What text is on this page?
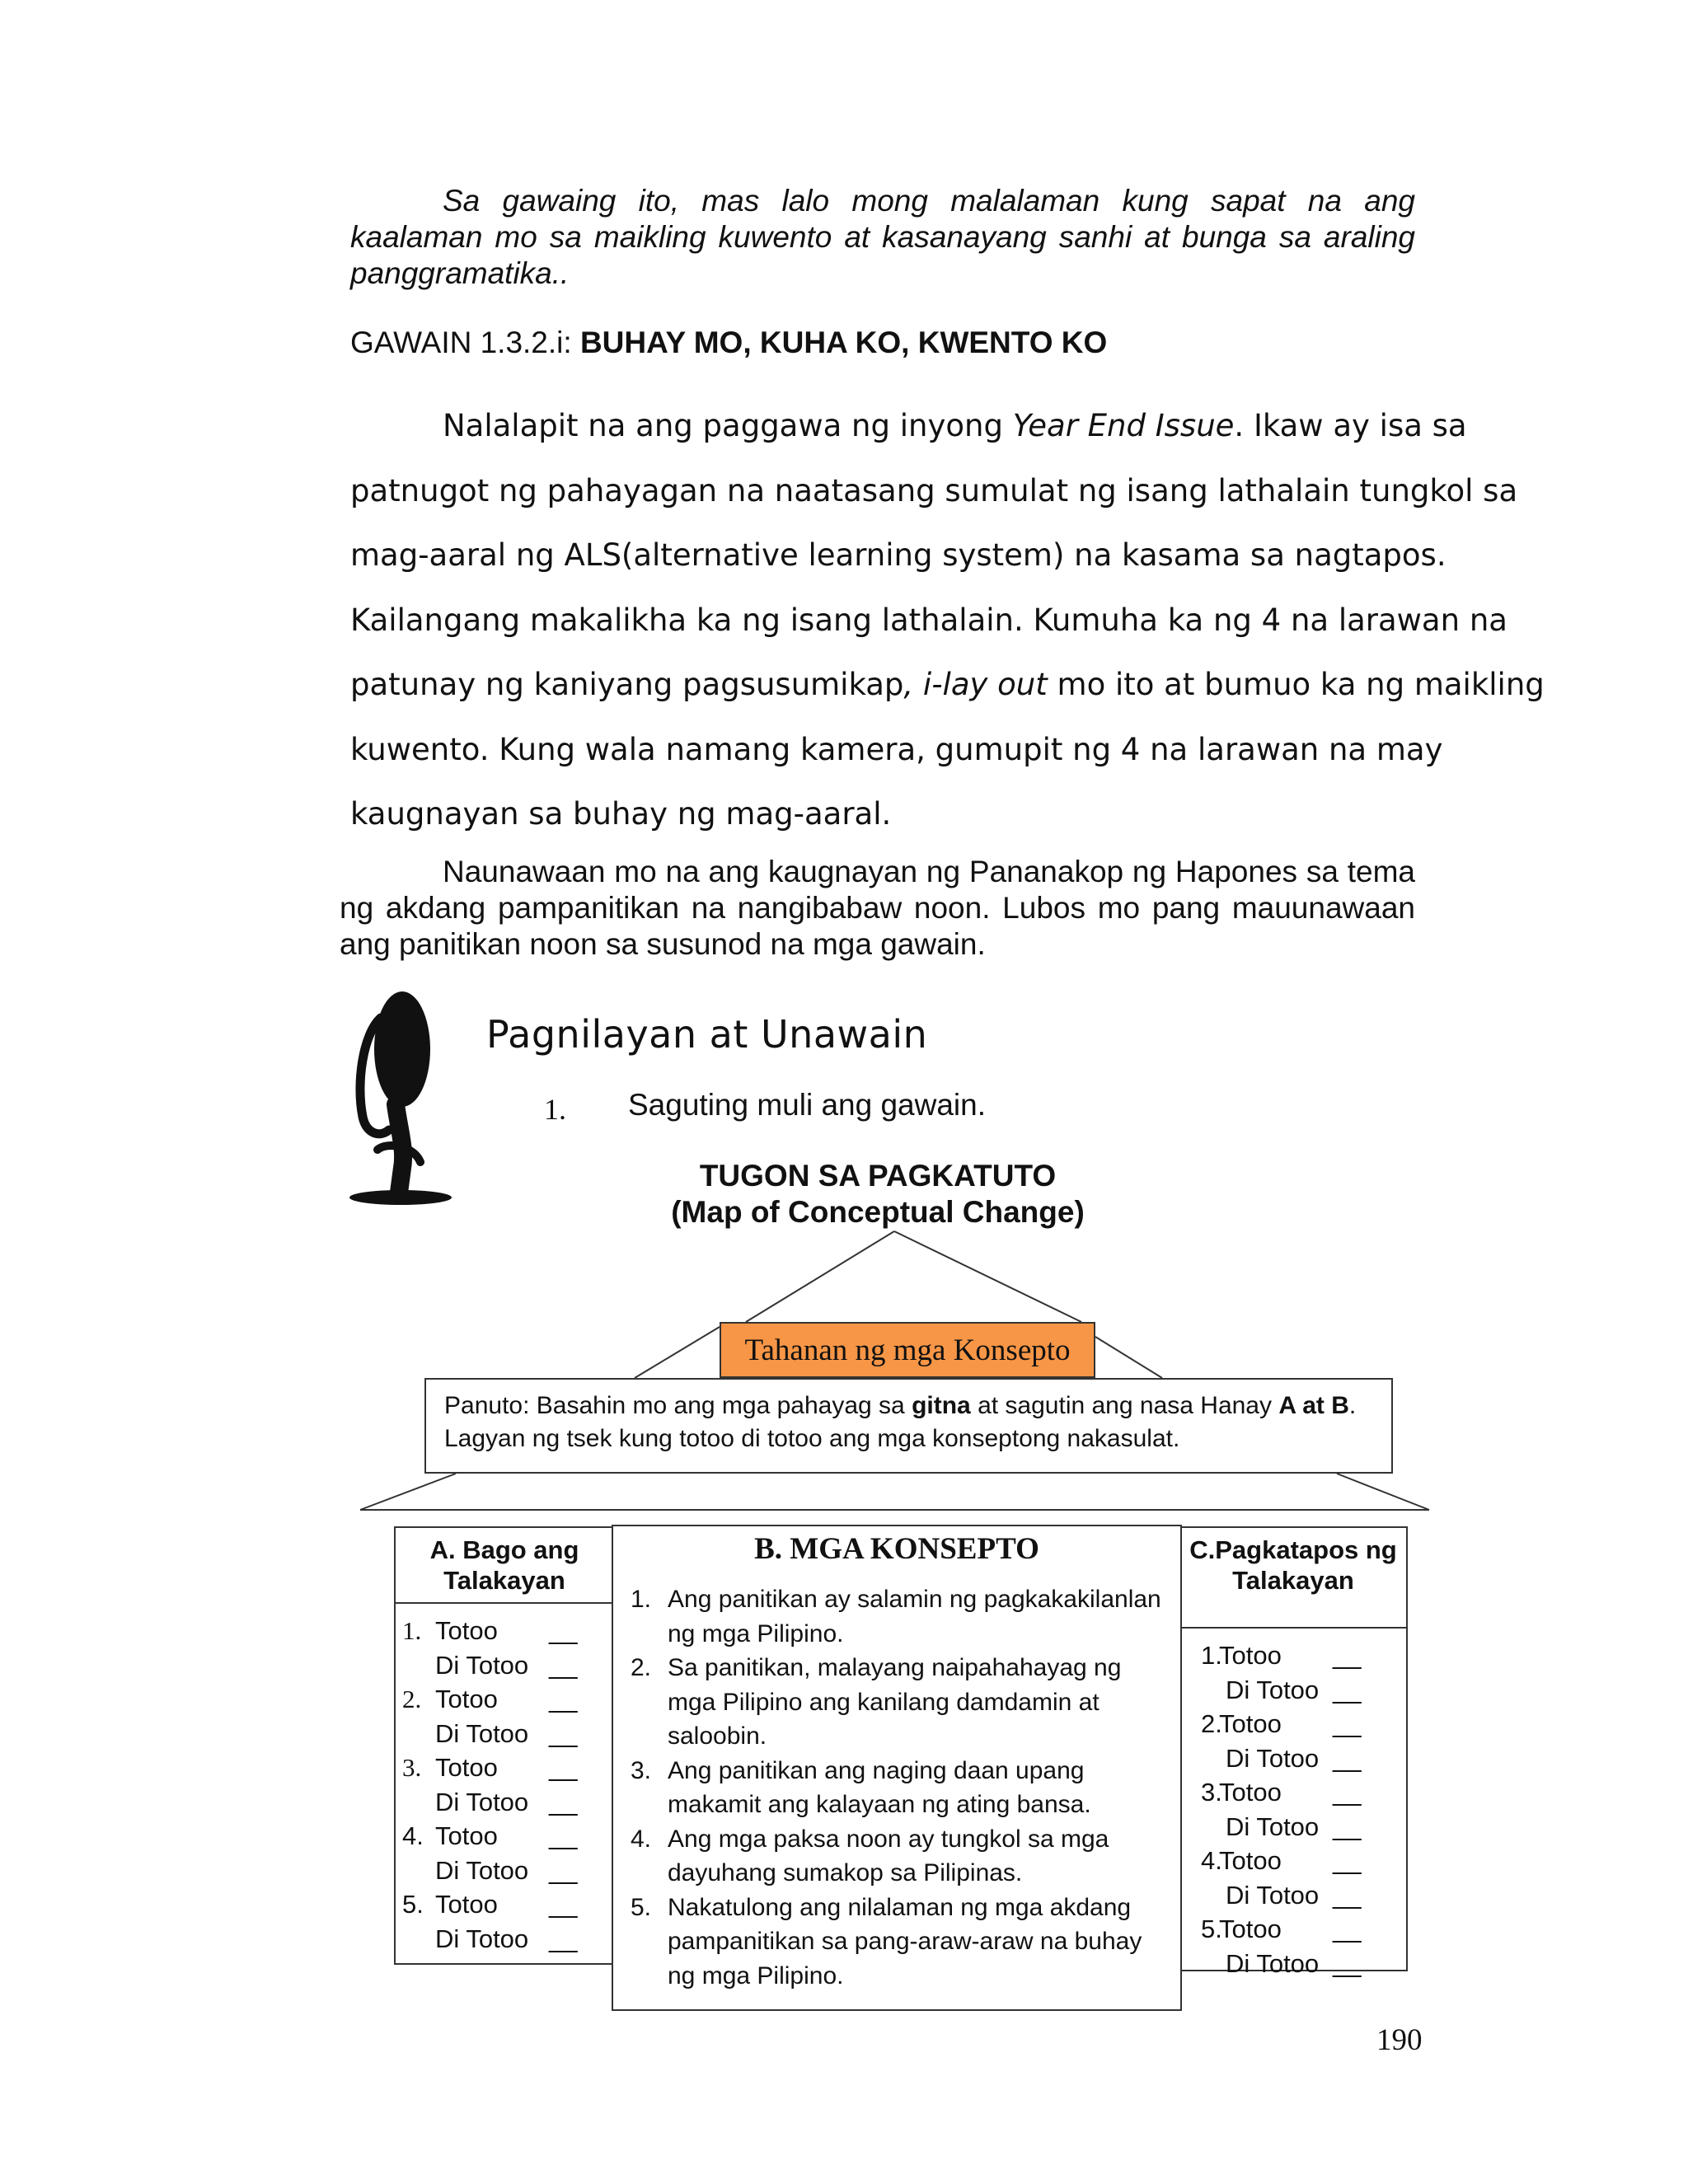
Sa gawaing ito, mas lalo mong malalaman kung sapat na ang kaalaman mo sa maikling kuwento at kasanayang sanhi at bunga sa araling panggramatika..
GAWAIN 1.3.2.i: BUHAY MO, KUHA KO, KWENTO KO
Nalalapit na ang paggawa ng inyong Year End Issue. Ikaw ay isa sa
patnugot ng pahayagan na naatasang sumulat ng isang lathalain tungkol sa
mag-aaral ng ALS(alternative learning system) na kasama sa nagtapos.
Kailangang makalikha ka ng isang lathalain. Kumuha ka ng 4 na larawan na
patunay ng kaniyang pagsusumikap, i-lay out mo ito at bumuo ka ng maikling
kuwento. Kung wala namang kamera, gumupit ng 4 na larawan na may
kaugnayan sa buhay ng mag-aaral.
Naunawaan mo na ang kaugnayan ng Pananakop ng Hapones sa tema ng akdang pampanitikan na nangibabaw noon. Lubos mo pang mauunawaan ang panitikan noon sa susunod na mga gawain.
Pagnilayan at Unawain
1. Saguting muli ang gawain.
TUGON SA PAGKATUTO
(Map of Conceptual Change)
Tahanan ng mga Konsepto
Panuto: Basahin mo ang mga pahayag sa gitna at sagutin ang nasa Hanay A at B. Lagyan ng tsek kung totoo di totoo ang mga konseptong nakasulat.
A. Bago ang
Talakayan
1. Totoo __
Di Totoo __
2. Totoo __
Di Totoo __
3. Totoo __
Di Totoo __
4. Totoo __
Di Totoo __
5. Totoo __
Di Totoo __
C.Pagkatapos ng
Talakayan
1.
Totoo __
Di Totoo __
2.
Totoo __
Di Totoo __
3.
Totoo __
Di Totoo __
4.
Totoo __
Di Totoo __
5.
Totoo __
Di Totoo __
B. MGA KONSEPTO
1. Ang panitikan ay salamin ng pagkakakilanlan ng mga Pilipino.
2. Sa panitikan, malayang naipahahayag ng mga Pilipino ang kanilang damdamin at saloobin.
3. Ang panitikan ang naging daan upang makamit ang kalayaan ng ating bansa.
4. Ang mga paksa noon ay tungkol sa mga dayuhang sumakop sa Pilipinas.
5. Nakatulong ang nilalaman ng mga akdang pampanitikan sa pang-araw-araw na buhay ng mga Pilipino.
190
